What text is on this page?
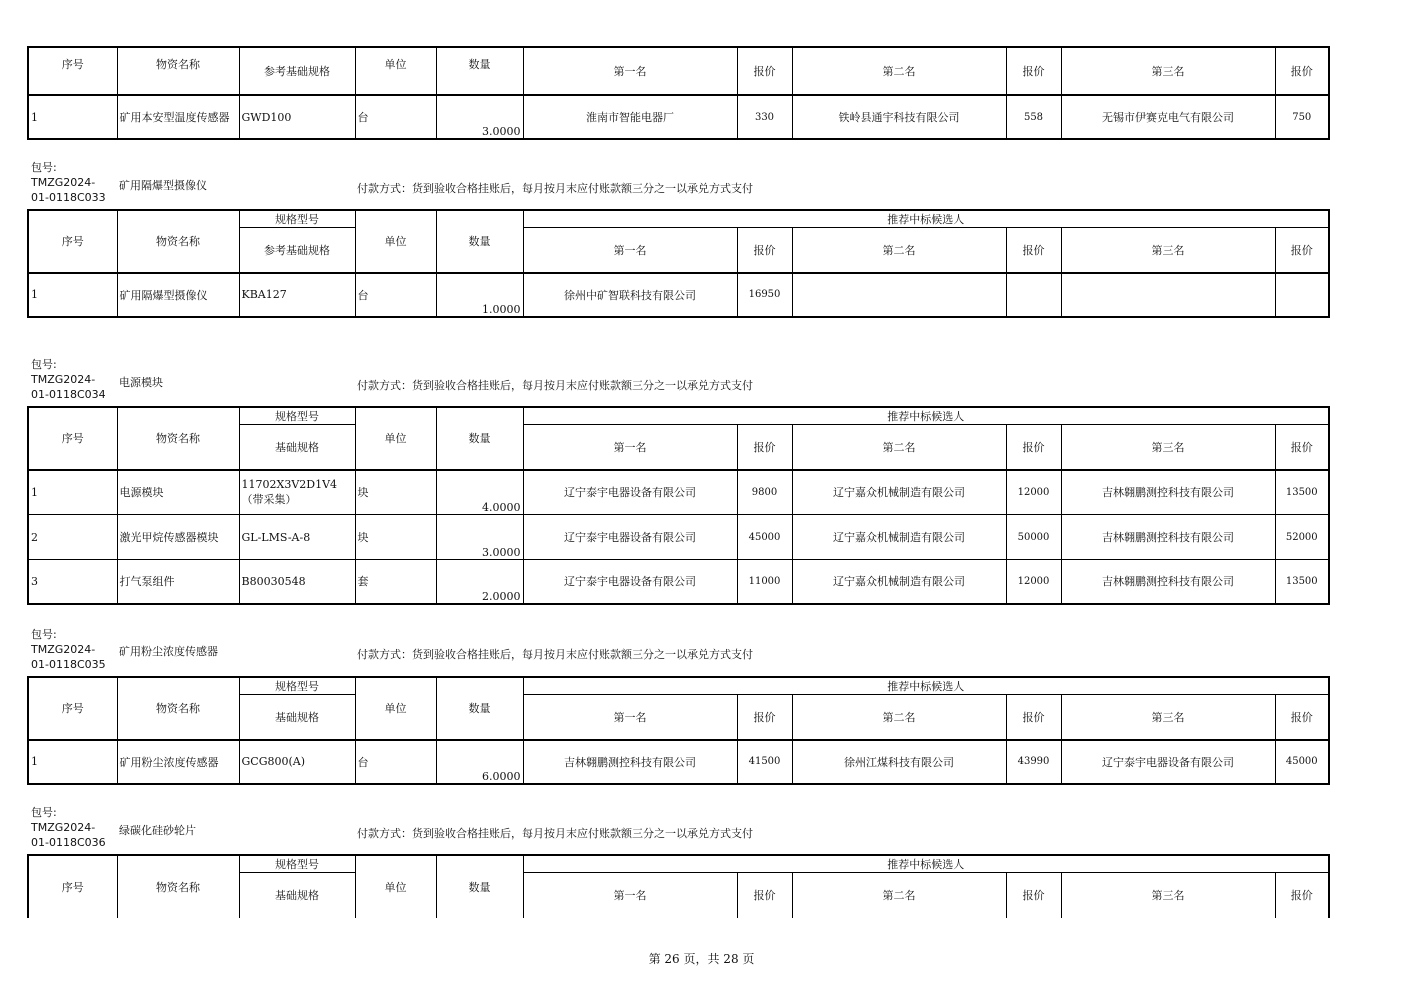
序号	物资名称	参考基础规格	单位	数量	第一名	报价	第二名	报价	第三名	报价
1	矿用本安型温度传感器	GWD100	台	3.0000	淮南市智能电器厂	330	铁岭县通宇科技有限公司	558	无锡市伊赛克电气有限公司	750
包号:
TMZG2024-
01-0118C033
矿用隔爆型摄像仪	付款方式：货到验收合格挂账后，每月按月末应付账款额三分之一以承兑方式支付
序号	物资名称	规格型号	单位	数量	推荐中标候选人					
		参考基础规格			第一名	报价	第二名	报价	第三名	报价
1	矿用隔爆型摄像仪	KBA127	台	1.0000	徐州中矿智联科技有限公司	16950				
包号:
TMZG2024-
01-0118C034
电源模块	付款方式：货到验收合格挂账后，每月按月末应付账款额三分之一以承兑方式支付
序号	物资名称	规格型号	单位	数量	推荐中标候选人					
		基础规格			第一名	报价	第二名	报价	第三名	报价
1	电源模块	11702X3V2D1V4（带采集）	块	4.0000	辽宁泰宇电器设备有限公司	9800	辽宁嘉众机械制造有限公司	12000	吉林翱鹏测控科技有限公司	13500
2	激光甲烷传感器模块	GL-LMS-A-8	块	3.0000	辽宁泰宇电器设备有限公司	45000	辽宁嘉众机械制造有限公司	50000	吉林翱鹏测控科技有限公司	52000
3	打气泵组件	B80030548	套	2.0000	辽宁泰宇电器设备有限公司	11000	辽宁嘉众机械制造有限公司	12000	吉林翱鹏测控科技有限公司	13500
包号:
TMZG2024-
01-0118C035
矿用粉尘浓度传感器	付款方式：货到验收合格挂账后，每月按月末应付账款额三分之一以承兑方式支付
序号	物资名称	规格型号	单位	数量	推荐中标候选人					
		基础规格			第一名	报价	第二名	报价	第三名	报价
1	矿用粉尘浓度传感器	GCG800(A)	台	6.0000	吉林翱鹏测控科技有限公司	41500	徐州江煤科技有限公司	43990	辽宁泰宇电器设备有限公司	45000
包号:
TMZG2024-
01-0118C036
绿碳化硅砂轮片	付款方式：货到验收合格挂账后，每月按月末应付账款额三分之一以承兑方式支付
序号	物资名称	规格型号	单位	数量	推荐中标候选人					
		基础规格			第一名	报价	第二名	报价	第三名	报价
第 26 页，共 28 页
